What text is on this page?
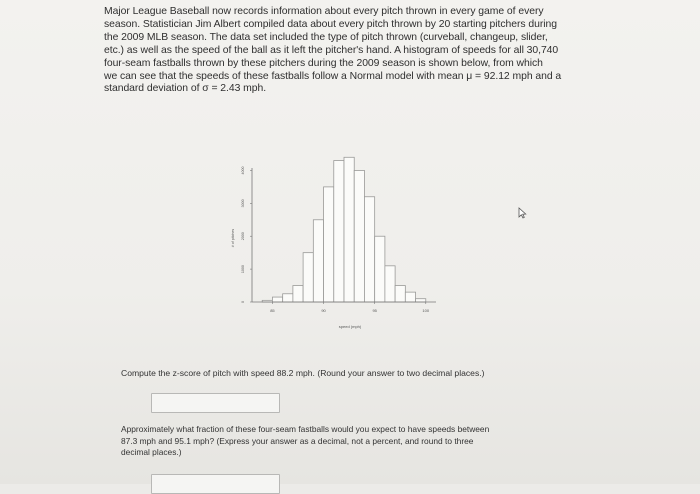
Major League Baseball now records information about every pitch thrown in every game of every
season. Statistician Jim Albert compiled data about every pitch thrown by 20 starting pitchers during
the 2009 MLB season. The data set included the type of pitch thrown (curveball, changeup, slider,
etc.) as well as the speed of the ball as it left the pitcher's hand. A histogram of speeds for all 30,740
four-seam fastballs thrown by these pitchers during the 2009 season is shown below, from which
we can see that the speeds of these fastballs follow a Normal model with mean μ = 92.12 mph and a
standard deviation of σ = 2.43 mph.
0
1000
2000
3000
4000
85	90	95	100
speed (mph)
# of pitches
Compute the z-score of pitch with speed 88.2 mph. (Round your answer to two decimal places.)
Approximately what fraction of these four-seam fastballs would you expect to have speeds between
87.3 mph and 95.1 mph? (Express your answer as a decimal, not a percent, and round to three
decimal places.)
